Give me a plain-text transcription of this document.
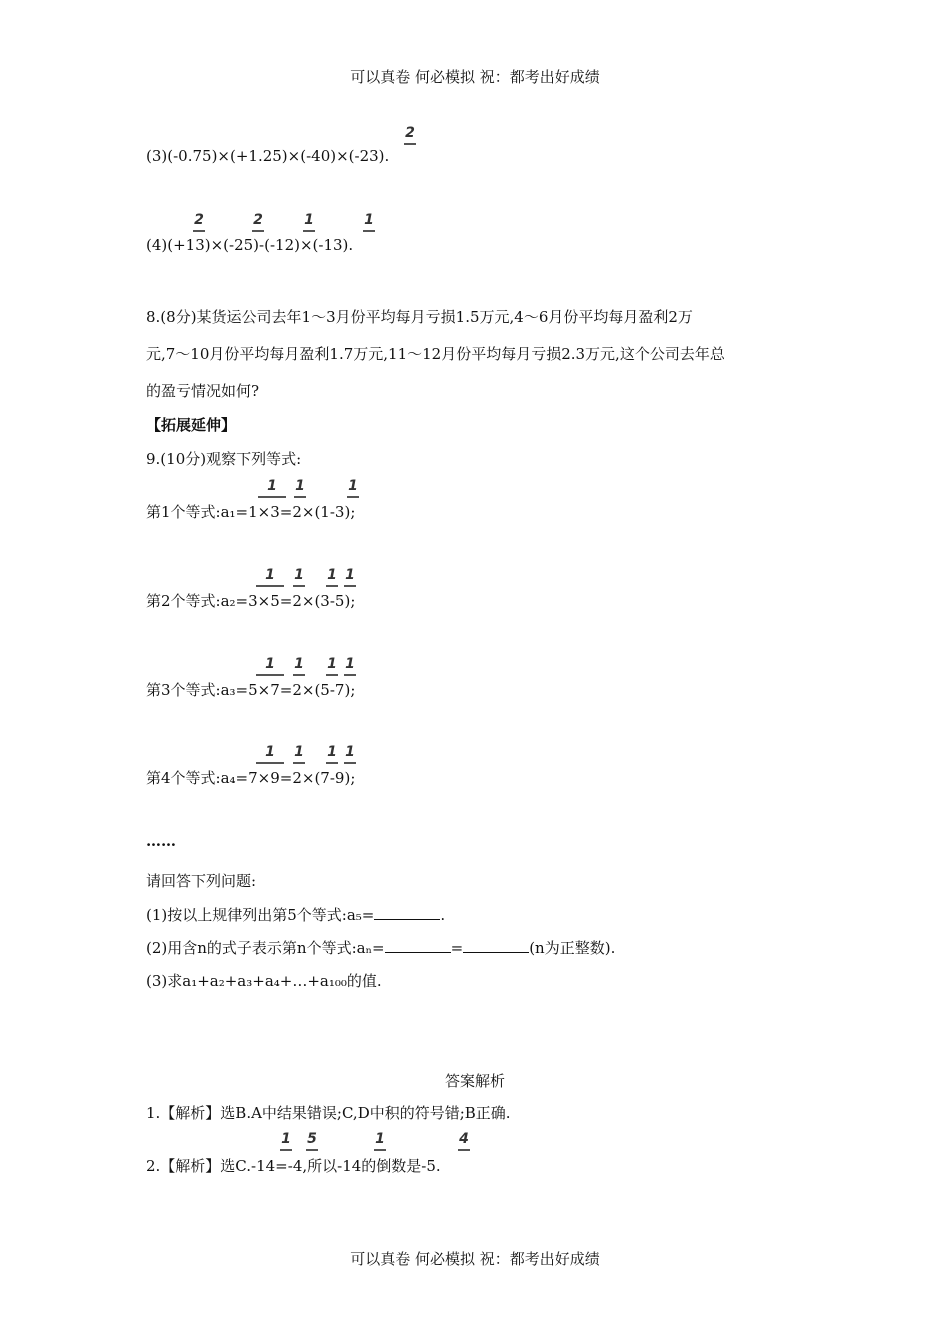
可以真卷 何必模拟 祝：都考出好成绩
2
(3)(-0.75)×(+1.25)×(-40)×(-23).
2	2	1	1
(4)(+13)×(-25)-(-12)×(-13).
8.(8分)某货运公司去年1～3月份平均每月亏损1.5万元,4～6月份平均每月盈利2万
元,7～10月份平均每月盈利1.7万元,11～12月份平均每月亏损2.3万元,这个公司去年总
的盈亏情况如何?
【拓展延伸】
9.(10分)观察下列等式:
1	1	1
第1个等式:a₁=1×3=2×(1-3);
1	1 1 1
第2个等式:a₂=3×5=2×(3-5);
1	1 1 1
第3个等式:a₃=5×7=2×(5-7);
1	1 1 1
第4个等式:a₄=7×9=2×(7-9);
……
请回答下列问题:
(1)按以上规律列出第5个等式:a₅=	.
(2)用含n的式子表示第n个等式:aₙ=	=	(n为正整数).
(3)求a₁+a₂+a₃+a₄+…+a₁₀₀的值.
答案解析
1.【解析】选B.A中结果错误;C,D中积的符号错;B正确.
1 5	1	4
2.【解析】选C.-14=-4,所以-14的倒数是-5.
可以真卷 何必模拟 祝：都考出好成绩
